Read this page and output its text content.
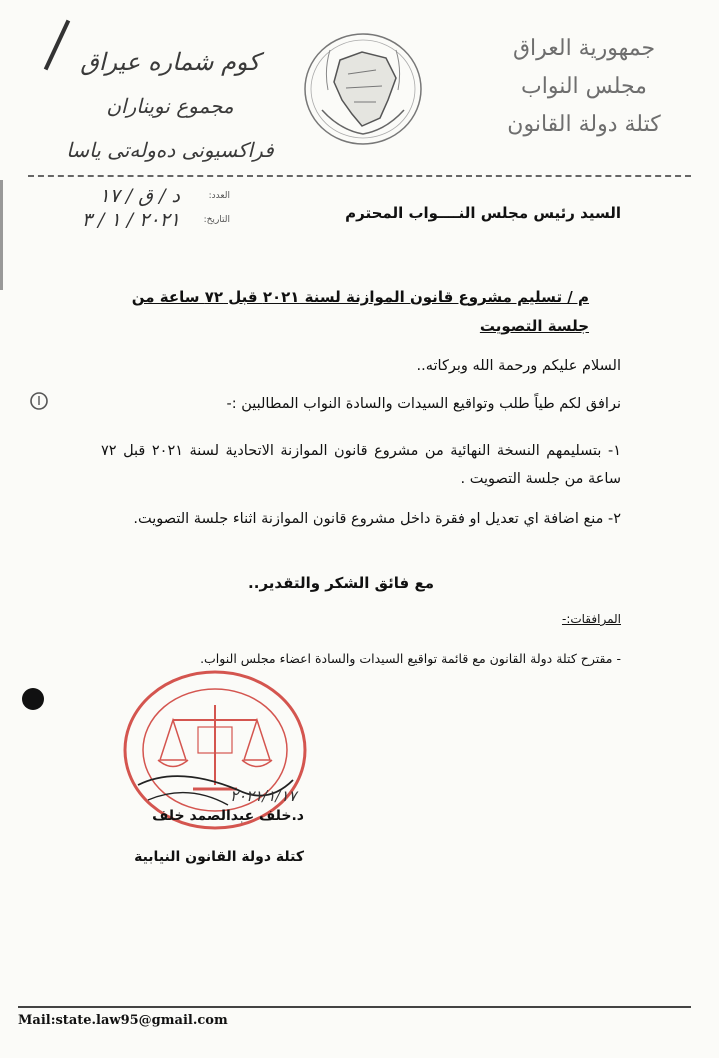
جمهورية العراق
مجلس النواب
كتلة دولة القانون
كوم شماره عيراق
مجموع نويناران
فراكسيونى دەولەتى ياسا
العدد:
د / ق / ١٧
التاريخ:
٢٠٢١ / ١ / ٣	السيد رئيس مجلس النــــواب المحترم
م / تسليم مشروع قانون الموازنة لسنة ٢٠٢١ قبل ٧٢ ساعة من جلسة التصويت
السلام عليكم ورحمة الله وبركاته..
نرافق لكم طياً طلب وتواقيع السيدات والسادة النواب المطالبين :-
١- بتسليمهم النسخة النهائية من مشروع قانون الموازنة الاتحادية لسنة ٢٠٢١ قبل ٧٢ ساعة من جلسة التصويت .
٢- منع اضافة اي تعديل او فقرة داخل مشروع قانون الموازنة اثناء جلسة التصويت.
مع فائق الشكر والتقدير..
المرافقات:-
- مقترح كتلة دولة القانون مع قائمة تواقيع السيدات والسادة اعضاء مجلس النواب.
٢٠٢١/١/١٧
د.خلف عبدالصمد خلف
كتلة دولة القانون النيابية
Mail:state.law95@gmail.com
